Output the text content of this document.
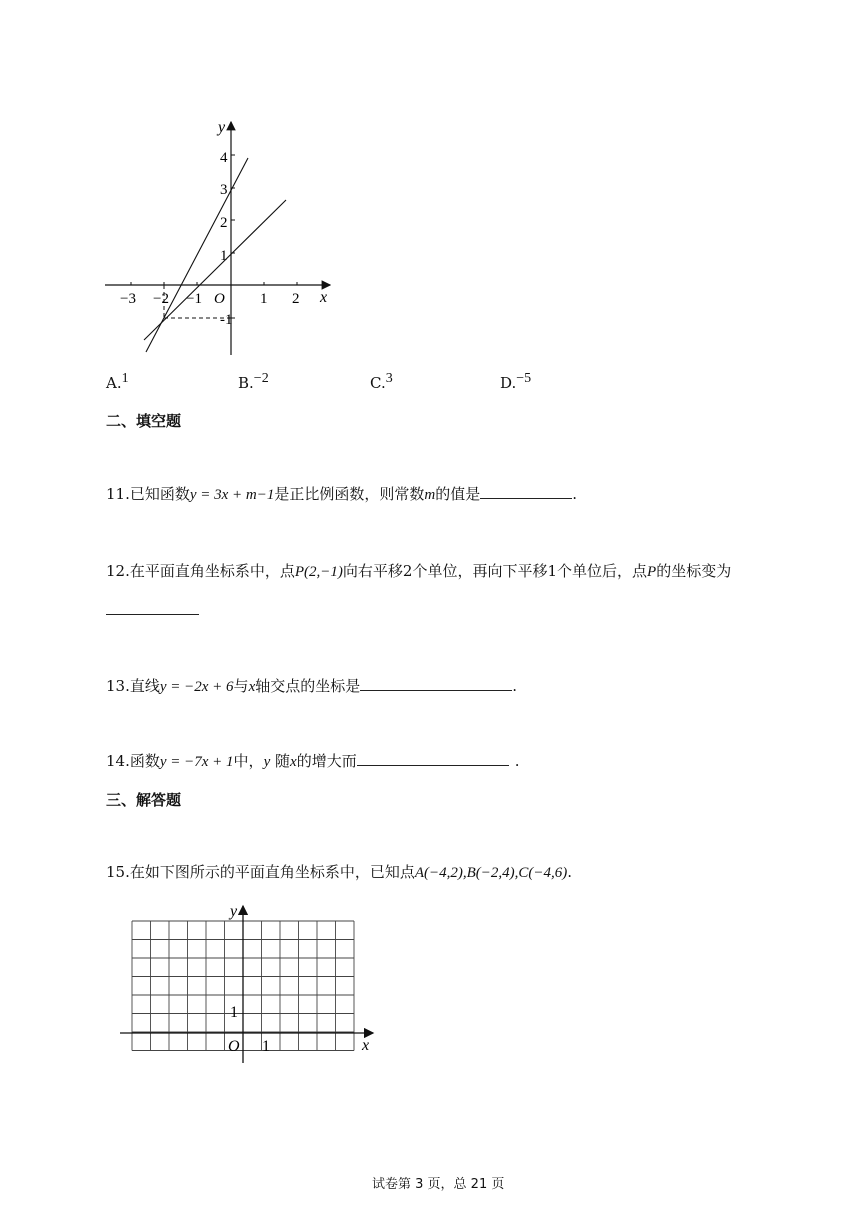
y
x
O
4
3
2
1
-1
−3 −2 −1	1 2
A.1	B.−2	C.3	D.−5
二、填空题
11.已知函数y = 3x + m−1是正比例函数，则常数m的值是	.
12.在平面直角坐标系中，点P(2,−1)向右平移2个单位，再向下平移1个单位后，点P的坐标变为
13.直线y = −2x + 6与x轴交点的坐标是	.
14.函数y = −7x + 1中，y 随x的增大而	.
三、解答题
15.在如下图所示的平面直角坐标系中，已知点A(−4,2),B(−2,4),C(−4,6).
y
x
O
1
1
试卷第 3 页，总 21 页
